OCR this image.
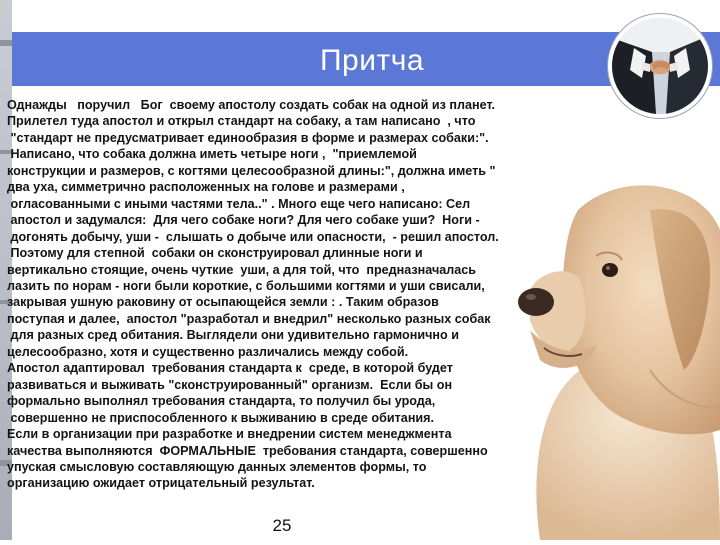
Притча
Однажды   поручил   Бог  своему апостолу создать собак на одной из планет.
Прилетел туда апостол и открыл стандарт на собаку, а там написано  , что
"стандарт не предусматривает единообразия в форме и размерах собаки:".
Написано, что собака должна иметь четыре ноги ,  "приемлемой
конструкции и размеров, с когтями целесообразной длины:", должна иметь "
два уха, симметрично расположенных на голове и размерами ,
огласованными с иными частями тела.." . Много еще чего написано: Сел
апостол и задумался:  Для чего собаке ноги? Для чего собаке уши?  Ноги -
догонять добычу, уши -  слышать о добыче или опасности,  - решил апостол.
Поэтому для степной  собаки он сконструировал длинные ноги и
вертикально стоящие, очень чуткие  уши, а для той, что  предназначалась
лазить по норам - ноги были короткие, с большими когтями и уши свисали,
закрывая ушную раковину от осыпающейся земли : . Таким образов
поступая и далее,  апостол "разработал и внедрил" несколько разных собак
для разных сред обитания. Выглядели они удивительно гармонично и
целесообразно, хотя и существенно различались между собой.
Апостол адаптировал  требования стандарта к  среде, в которой будет
развиваться и выживать "сконструированный" организм.  Если бы он
формально выполнял требования стандарта, то получил бы урода,
совершенно не приспособленного к выживанию в среде обитания.
Если в организации при разработке и внедрении систем менеджмента
качества выполняются  ФОРМАЛЬНЫЕ  требования стандарта, совершенно
упуская смысловую составляющую данных элементов формы, то
организацию ожидает отрицательный результат.
25
